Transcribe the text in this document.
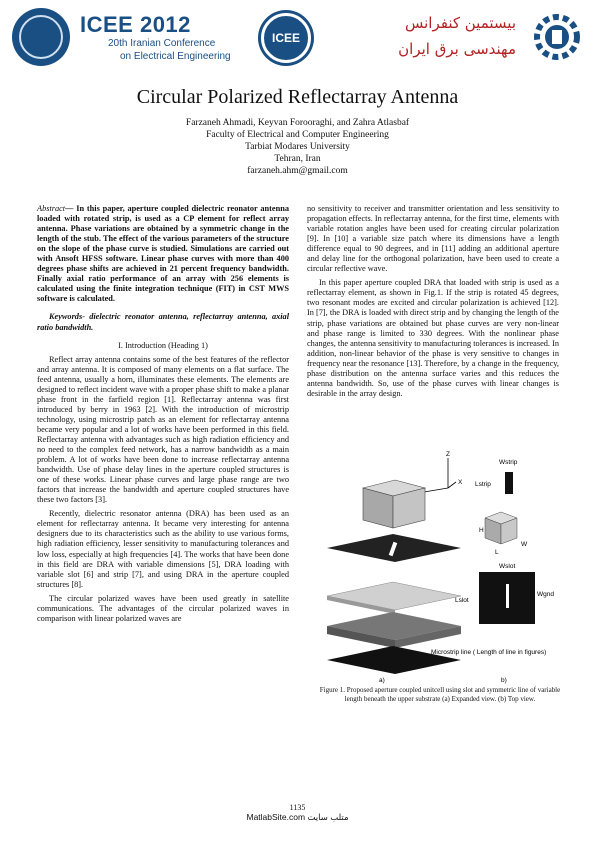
ICEE 2012
20th Iranian Conference
on Electrical Engineering
ICEE
بیستمین کنفرانس
مهندسی برق ایران
Circular Polarized Reflectarray Antenna
Farzaneh Ahmadi, Keyvan Forooraghi, and Zahra Atlasbaf
Faculty of Electrical and Computer Engineering
Tarbiat Modares University
Tehran, Iran
farzaneh.ahm@gmail.com

Abstract— In this paper, aperture coupled dielectric reonator antenna loaded with rotated strip, is used as a CP element for reflect array antenna. Phase variations are obtained by a symmetric change in the length of the stub. The effect of the various parameters of the structure on the slope of the phase curve is studied. Simulations are carried out with Ansoft HFSS software. Linear phase curves with more than 400 degrees phase shifts are achieved in 21 percent frequency bandwidth. Finally axial ratio performance of an array with 256 elements is calculated using the finite integration technique (FIT) in CST MWS software is calculated.

Keywords- dielectric reonator antenna, reflectarray antenna, axial ratio bandwidth.

I. Introduction (Heading 1)

Reflect array antenna contains some of the best features of the reflector and array antenna. It is composed of many elements on a flat surface. The feed antenna, usually a horn, illuminates these elements. The elements are designed to reflect incident wave with a proper phase shift to make a planar phase front in the farfield region [1]. Reflectarray antenna was first introduced by berry in 1963 [2]. With the introduction of microstrip technology, using microstrip patch as an element for reflectarray antenna became very popular and a lot of works have been performed in this field. Reflectarray antenna with advantages such as high radiation efficiency and no need to the complex feed network, has a narrow bandwidth as a main problem. A lot of works have been done to increase reflectarray antenna bandwidth. Use of phase delay lines in the aperture coupled structures is one of these works. Linear phase curves and large phase range are two factors that increase the bandwidth and aperture coupled structures have these two factors [3].

Recently, dielectric resonator antenna (DRA) has been used as an element for reflectarray antenna. It became very interesting for antenna designers due to its characteristics such as the ability to use various forms, high radiation efficiency, lesser sensitivity to manufacturing tolerances and low loss, especially at high frequencies [4]. The works that have been done in this field are DRA with variable dimensions [5], DRA loading with variable slot [6] and strip [7], and using DRA in the aperture coupled structures [8].

The circular polarized waves have been used greatly in satellite communications. The advantages of the circular polarized waves in comparison with linear polarized waves are

no sensitivity to receiver and transmitter orientation and less sensitivity to propagation effects. In reflectarray antenna, for the first time, elements with variable rotation angles have been used for creating circular polarization [9]. In [10] a variable size patch where its dimensions have a length difference equal to 90 degrees, and in [11] adding an additional aperture and delay line for the orthogonal polarization, have been used to create a circular reflective wave.

In this paper aperture coupled DRA that loaded with strip is used as a reflectarray element, as shown in Fig.1. If the strip is rotated 45 degrees, two resonant modes are excited and circular polarization is achieved [12]. In [7], the DRA is loaded with direct strip and by changing the length of the strip, phase variations are obtained but phase curves are very non-linear and phase range is limited to 330 degrees. With the nonlinear phase changes, the antenna sensitivity to manufacturing tolerances is increased. In addition, non-linear behavior of the phase is very sensitive to changes in frequency near the resonance [13]. Therefore, by a change in the frequency, phase distribution on the antenna surface varies and this reduces the antenna bandwidth. So, use of the phase curves with linear changes is desirable in the array design.

Z
X
a)
Wstrip
Lstrip
H
W
L
Wslot
Lslot
Wgnd
Microstrip line ( Length of line in figures)
b)
Figure 1. Proposed aperture coupled unitcell using slot and symmetric line of variable length beneath the upper substrate (a) Expanded view. (b) Top view.
1135
MatlabSite.com متلب سایت
